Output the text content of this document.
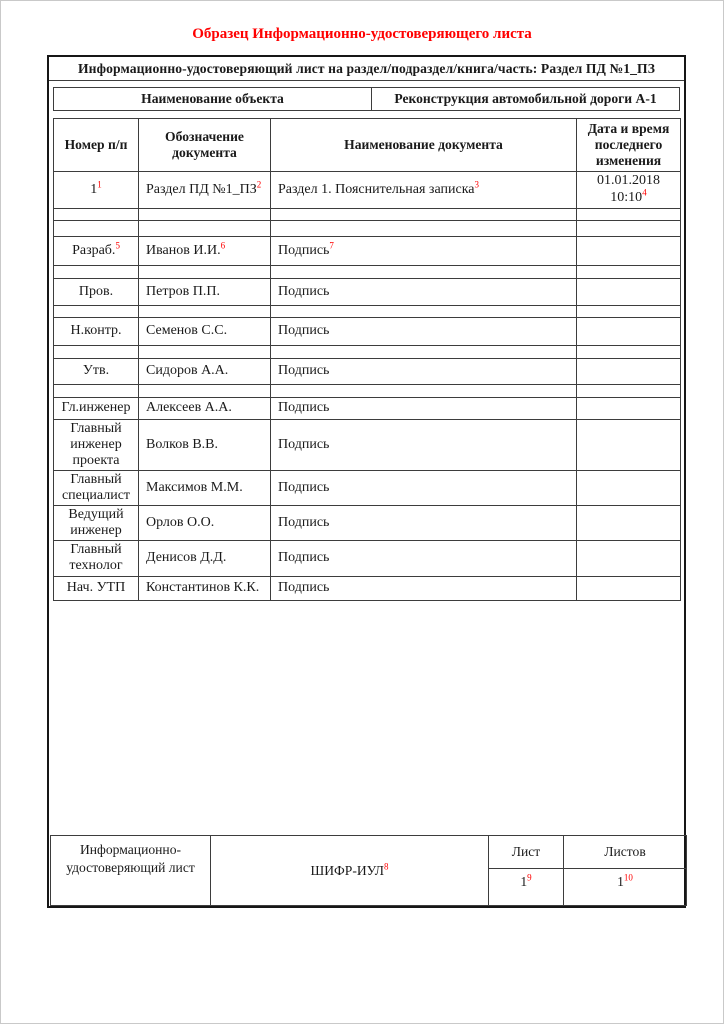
Образец Информационно-удостоверяющего листа
Информационно-удостоверяющий лист на раздел/подраздел/книга/часть: Раздел ПД №1_ПЗ
Наименование объекта	Реконструкция автомобильной дороги А-1
Номер п/п	Обозначение документа	Наименование документа	Дата и время последнего изменения
1$^1$	Раздел ПД №1_ПЗ$^2$	Раздел 1. Пояснительная записка$^3$	01.01.2018
10:10$^4$

Разраб.$^5$	Иванов И.И.$^6$	Подпись$^7$	

Пров.	Петров П.П.	Подпись	

Н.контр.	Семенов С.С.	Подпись	

Утв.	Сидоров А.А.	Подпись	

Гл.инженер	Алексеев А.А.	Подпись	
Главный инженер проекта	Волков В.В.	Подпись	
Главный специалист	Максимов М.М.	Подпись	
Ведущий инженер	Орлов О.О.	Подпись	
Главный технолог	Денисов Д.Д.	Подпись	
Нач. УТП	Константинов К.К.	Подпись	
Информационно-удостоверяющий лист	ШИФР-ИУЛ$^8$	Лист	Листов
		1$^9$	1$^{10}$
